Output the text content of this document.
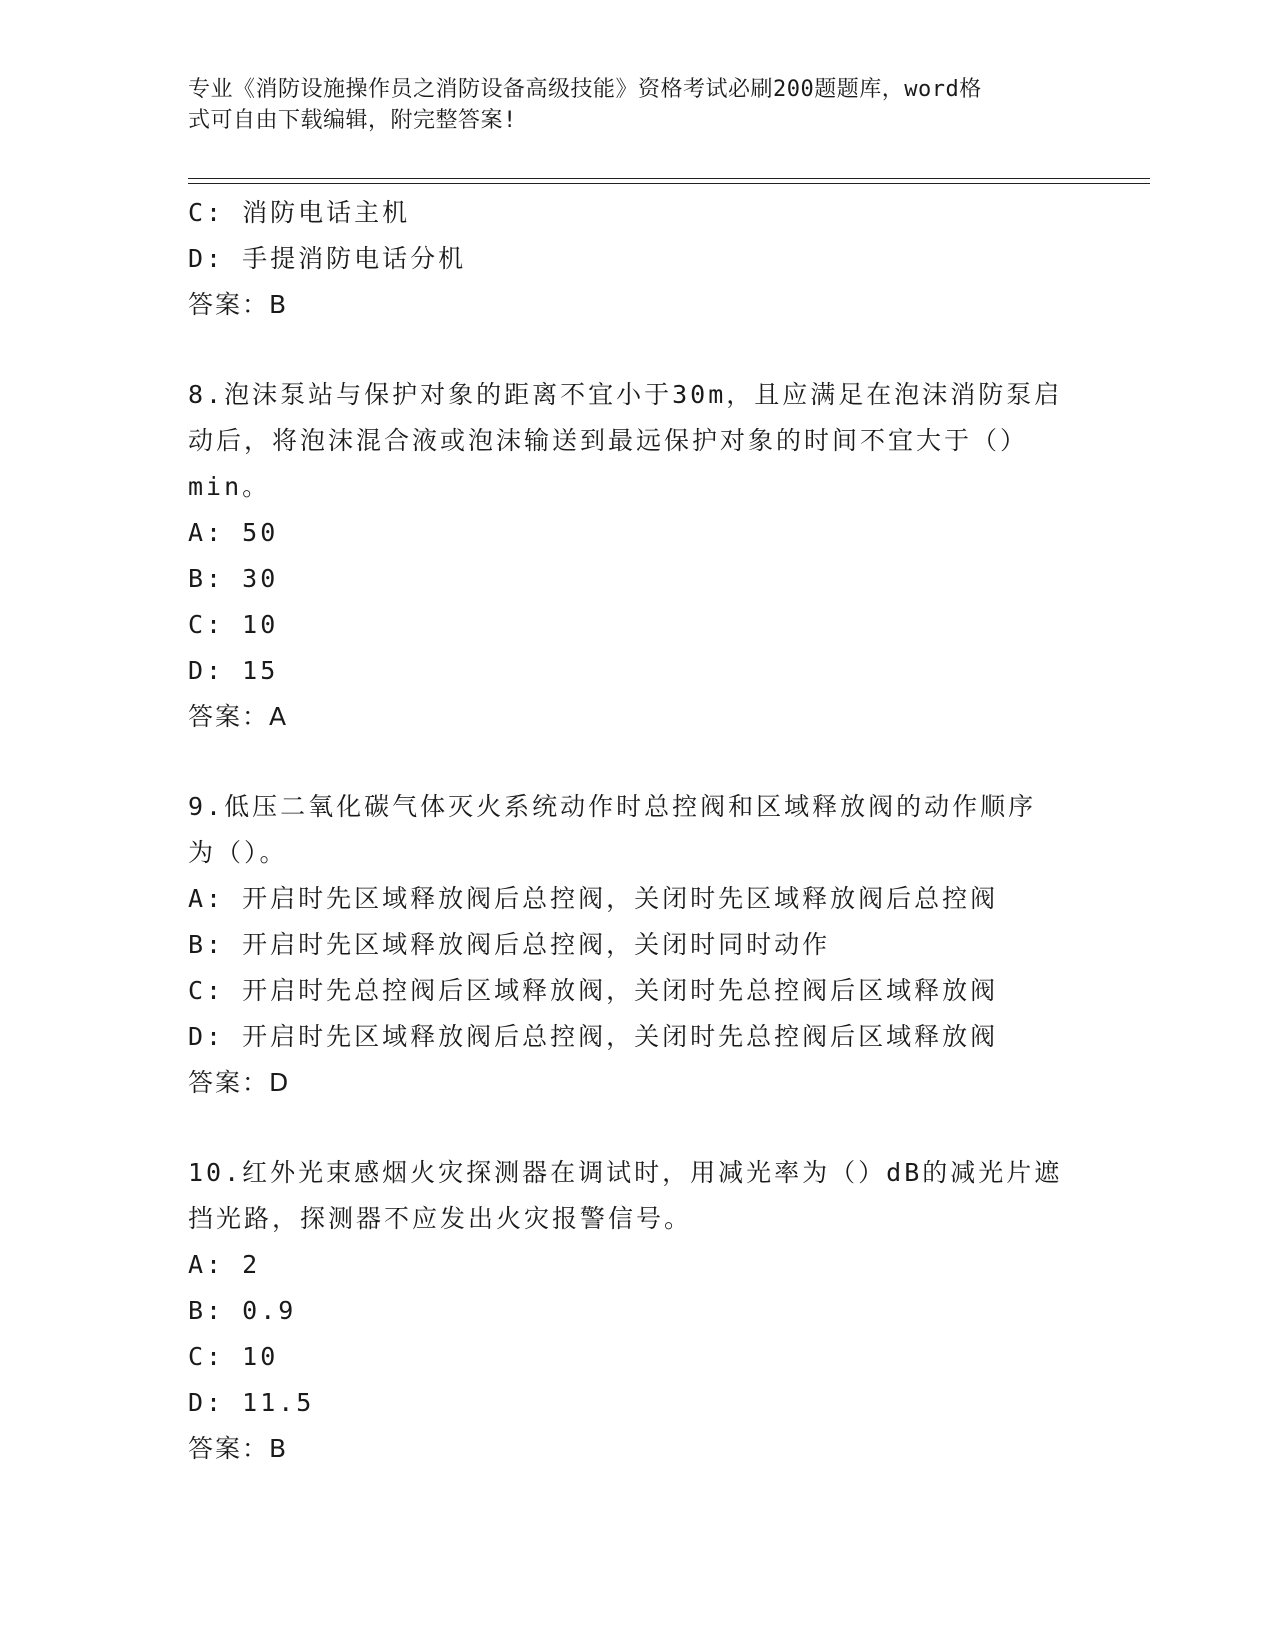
专业《消防设施操作员之消防设备高级技能》资格考试必刷200题题库，word格
式可自由下载编辑，附完整答案!
C: 消防电话主机
D: 手提消防电话分机
答案：B
8.泡沫泵站与保护对象的距离不宜小于30m，且应满足在泡沫消防泵启
动后，将泡沫混合液或泡沫输送到最远保护对象的时间不宜大于（）
min。
A: 50
B: 30
C: 10
D: 15
答案：A
9.低压二氧化碳气体灭火系统动作时总控阀和区域释放阀的动作顺序
为（）。
A: 开启时先区域释放阀后总控阀，关闭时先区域释放阀后总控阀
B: 开启时先区域释放阀后总控阀，关闭时同时动作
C: 开启时先总控阀后区域释放阀，关闭时先总控阀后区域释放阀
D: 开启时先区域释放阀后总控阀，关闭时先总控阀后区域释放阀
答案：D
10.红外光束感烟火灾探测器在调试时，用减光率为（）dB的减光片遮
挡光路，探测器不应发出火灾报警信号。
A: 2
B: 0.9
C: 10
D: 11.5
答案：B
